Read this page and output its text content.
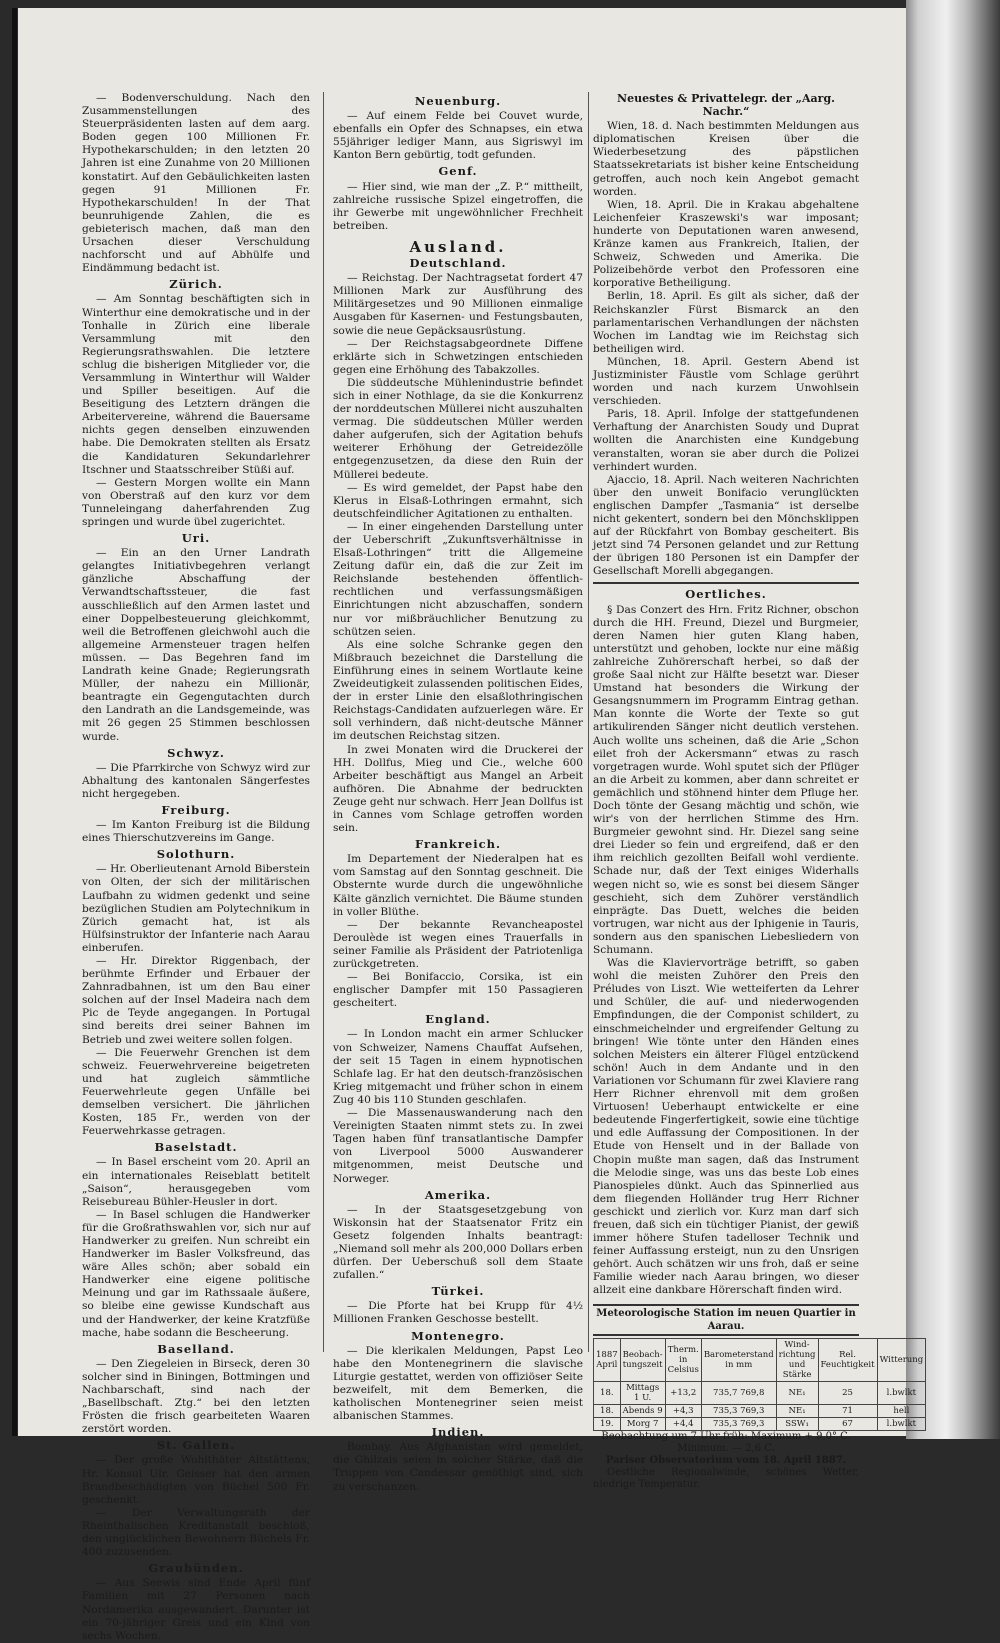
— Bodenverschuldung. Nach den Zusammenstellungen des Steuerpräsidenten lasten auf dem aarg. Boden gegen 100 Millionen Fr. Hypothekarschulden; in den letzten 20 Jahren ist eine Zunahme von 20 Millionen konstatirt. Auf den Gebäulichkeiten lasten gegen 91 Millionen Fr. Hypothekarschulden! In der That beunruhigende Zahlen, die es gebieterisch machen, daß man den Ursachen dieser Verschuldung nachforscht und auf Abhülfe und Eindämmung bedacht ist.
Zürich.
— Am Sonntag beschäftigten sich in Winterthur eine demokratische und in der Tonhalle in Zürich eine liberale Versammlung mit den Regierungsrathswahlen. Die letztere schlug die bisherigen Mitglieder vor, die Versammlung in Winterthur will Walder und Spiller beseitigen. Auf die Beseitigung des Letztern drängen die Arbeitervereine, während die Bauersame nichts gegen denselben einzuwenden habe. Die Demokraten stellten als Ersatz die Kandidaturen Sekundarlehrer Itschner und Staatsschreiber Stüßi auf.
— Gestern Morgen wollte ein Mann von Oberstraß auf den kurz vor dem Tunneleingang daherfahrenden Zug springen und wurde übel zugerichtet.
Uri.
— Ein an den Urner Landrath gelangtes Initiativbegehren verlangt gänzliche Abschaffung der Verwandtschaftssteuer, die fast ausschließlich auf den Armen lastet und einer Doppelbesteuerung gleichkommt, weil die Betroffenen gleichwohl auch die allgemeine Armensteuer tragen helfen müssen. — Das Begehren fand im Landrath keine Gnade; Regierungsrath Müller, der nahezu ein Millionär, beantragte ein Gegengutachten durch den Landrath an die Landsgemeinde, was mit 26 gegen 25 Stimmen beschlossen wurde.
Schwyz.
— Die Pfarrkirche von Schwyz wird zur Abhaltung des kantonalen Sängerfestes nicht hergegeben.
Freiburg.
— Im Kanton Freiburg ist die Bildung eines Thierschutzvereins im Gange.
Solothurn.
— Hr. Oberlieutenant Arnold Biberstein von Olten, der sich der militärischen Laufbahn zu widmen gedenkt und seine bezüglichen Studien am Polytechnikum in Zürich gemacht hat, ist als Hülfsinstruktor der Infanterie nach Aarau einberufen.
— Hr. Direktor Riggenbach, der berühmte Erfinder und Erbauer der Zahnradbahnen, ist um den Bau einer solchen auf der Insel Madeira nach dem Pic de Teyde angegangen. In Portugal sind bereits drei seiner Bahnen im Betrieb und zwei weitere sollen folgen.
— Die Feuerwehr Grenchen ist dem schweiz. Feuerwehrvereine beigetreten und hat zugleich sämmtliche Feuerwehrleute gegen Unfälle bei demselben versichert. Die jährlichen Kosten, 185 Fr., werden von der Feuerwehrkasse getragen.
Baselstadt.
— In Basel erscheint vom 20. April an ein internationales Reiseblatt betitelt „Saison“, herausgegeben vom Reisebureau Bühler-Heusler in dort.
— In Basel schlugen die Handwerker für die Großrathswahlen vor, sich nur auf Handwerker zu greifen. Nun schreibt ein Handwerker im Basler Volksfreund, das wäre Alles schön; aber sobald ein Handwerker eine eigene politische Meinung und gar im Rathssaale äußere, so bleibe eine gewisse Kundschaft aus und der Handwerker, der keine Kratzfüße mache, habe sodann die Bescheerung.
Baselland.
— Den Ziegeleien in Birseck, deren 30 solcher sind in Biningen, Bottmingen und Nachbarschaft, sind nach der „Basellbschaft. Ztg.“ bei den letzten Frösten die frisch gearbeiteten Waaren zerstört worden.
St. Gallen.
— Der große Wohlthäter Altstättens, Hr. Konsul Ulr. Geisser hat den armen Brandbeschädigten von Büchel 500 Fr. geschenkt.
— Der Verwaltungsrath der Rheinthalischen Kreditanstalt beschloß, den unglücklichen Bewohnern Büchels Fr. 400 zuzusenden.
Graubünden.
— Aus Seewis sind Ende April fünf Familien mit 27 Personen nach Nordamerika ausgewandert. Darunter ist ein 70-jähriger Greis und ein Kind von sechs Wochen.
Neuenburg.
— Auf einem Felde bei Couvet wurde, ebenfalls ein Opfer des Schnapses, ein etwa 55jähriger lediger Mann, aus Sigriswyl im Kanton Bern gebürtig, todt gefunden.
Genf.
— Hier sind, wie man der „Z. P.“ mittheilt, zahlreiche russische Spizel eingetroffen, die ihr Gewerbe mit ungewöhnlicher Frechheit betreiben.
Ausland.
Deutschland.
— Reichstag. Der Nachtragsetat fordert 47 Millionen Mark zur Ausführung des Militärgesetzes und 90 Millionen einmalige Ausgaben für Kasernen- und Festungsbauten, sowie die neue Gepäcksausrüstung.
— Der Reichstagsabgeordnete Diffene erklärte sich in Schwetzingen entschieden gegen eine Erhöhung des Tabakzolles.
Die süddeutsche Mühlenindustrie befindet sich in einer Nothlage, da sie die Konkurrenz der norddeutschen Müllerei nicht auszuhalten vermag. Die süddeutschen Müller werden daher aufgerufen, sich der Agitation behufs weiterer Erhöhung der Getreidezölle entgegenzusetzen, da diese den Ruin der Müllerei bedeute.
— Es wird gemeldet, der Papst habe den Klerus in Elsaß-Lothringen ermahnt, sich deutschfeindlicher Agitationen zu enthalten.
— In einer eingehenden Darstellung unter der Ueberschrift „Zukunftsverhältnisse in Elsaß-Lothringen“ tritt die Allgemeine Zeitung dafür ein, daß die zur Zeit im Reichslande bestehenden öffentlich-rechtlichen und verfassungsmäßigen Einrichtungen nicht abzuschaffen, sondern nur vor mißbräuchlicher Benutzung zu schützen seien.
Als eine solche Schranke gegen den Mißbrauch bezeichnet die Darstellung die Einführung eines in seinem Wortlaute keine Zweideutigkeit zulassenden politischen Eides, der in erster Linie den elsaßlothringischen Reichstags-Candidaten aufzuerlegen wäre. Er soll verhindern, daß nicht-deutsche Männer im deutschen Reichstag sitzen.
In zwei Monaten wird die Druckerei der HH. Dollfus, Mieg und Cie., welche 600 Arbeiter beschäftigt aus Mangel an Arbeit aufhören. Die Abnahme der bedruckten Zeuge geht nur schwach. Herr Jean Dollfus ist in Cannes vom Schlage getroffen worden sein.
Frankreich.
Im Departement der Niederalpen hat es vom Samstag auf den Sonntag geschneit. Die Obsternte wurde durch die ungewöhnliche Kälte gänzlich vernichtet. Die Bäume stunden in voller Blüthe.
— Der bekannte Revanchеapostel Deroulède ist wegen eines Trauerfalls in seiner Familie als Präsident der Patriotenliga zurückgetreten.
— Bei Bonifaccio, Corsika, ist ein englischer Dampfer mit 150 Passagieren gescheitert.
England.
— In London macht ein armer Schlucker von Schweizer, Namens Chauffat Aufsehen, der seit 15 Tagen in einem hypnotischen Schlafe lag. Er hat den deutsch-französischen Krieg mitgemacht und früher schon in einem Zug 40 bis 110 Stunden geschlafen.
— Die Massenauswanderung nach den Vereinigten Staaten nimmt stets zu. In zwei Tagen haben fünf transatlantische Dampfer von Liverpool 5000 Auswanderer mitgenommen, meist Deutsche und Norweger.
Amerika.
— In der Staatsgesetzgebung von Wiskonsin hat der Staatsenator Fritz ein Gesetz folgenden Inhalts beantragt: „Niemand soll mehr als 200,000 Dollars erben dürfen. Der Ueberschuß soll dem Staate zufallen.“
Türkei.
— Die Pforte hat bei Krupp für 4½ Millionen Franken Geschosse bestellt.
Montenegro.
— Die klerikalen Meldungen, Papst Leo habe den Montenegrinern die slavische Liturgie gestattet, werden von offiziöser Seite bezweifelt, mit dem Bemerken, die katholischen Montenegriner seien meist albanischen Stammes.
Indien.
Bombay. Aus Afghanistan wird gemeldet, die Ghilzais seien in solcher Stärke, daß die Truppen von Candessar genöthigt sind, sich zu verschanzen.
Neuestes & Privattelegr. der „Aarg. Nachr.“
Wien, 18. d. Nach bestimmten Meldungen aus diplomatischen Kreisen über die Wiederbesetzung des päpstlichen Staatssekretariats ist bisher keine Entscheidung getroffen, auch noch kein Angebot gemacht worden.
Wien, 18. April. Die in Krakau abgehaltene Leichenfeier Kraszewski's war imposant; hunderte von Deputationen waren anwesend, Kränze kamen aus Frankreich, Italien, der Schweiz, Schweden und Amerika. Die Polizeibehörde verbot den Professoren eine korporative Betheiligung.
Berlin, 18. April. Es gilt als sicher, daß der Reichskanzler Fürst Bismarck an den parlamentarischen Verhandlungen der nächsten Wochen im Landtag wie im Reichstag sich betheiligen wird.
München, 18. April. Gestern Abend ist Justizminister Fäustle vom Schlage gerührt worden und nach kurzem Unwohlsein verschieden.
Paris, 18. April. Infolge der stattgefundenen Verhaftung der Anarchisten Soudy und Duprat wollten die Anarchisten eine Kundgebung veranstalten, woran sie aber durch die Polizei verhindert wurden.
Ajaccio, 18. April. Nach weiteren Nachrichten über den unweit Bonifacio verunglückten englischen Dampfer „Tasmania“ ist derselbe nicht gekentert, sondern bei den Mönchsklippen auf der Rückfahrt von Bombay gescheitert. Bis jetzt sind 74 Personen gelandet und zur Rettung der übrigen 180 Personen ist ein Dampfer der Gesellschaft Morelli abgegangen.
Oertliches.
§ Das Conzert des Hrn. Fritz Richner, obschon durch die HH. Freund, Diezel und Burgmeier, deren Namen hier guten Klang haben, unterstützt und gehoben, lockte nur eine mäßig zahlreiche Zuhörerschaft herbei, so daß der große Saal nicht zur Hälfte besetzt war. Dieser Umstand hat besonders die Wirkung der Gesangsnummern im Programm Eintrag gethan. Man konnte die Worte der Texte so gut artikulirenden Sänger nicht deutlich verstehen. Auch wollte uns scheinen, daß die Arie „Schon eilet froh der Ackersmann“ etwas zu rasch vorgetragen wurde. Wohl sputet sich der Pflüger an die Arbeit zu kommen, aber dann schreitet er gemächlich und stöhnend hinter dem Pfluge her. Doch tönte der Gesang mächtig und schön, wie wir's von der herrlichen Stimme des Hrn. Burgmeier gewohnt sind. Hr. Diezel sang seine drei Lieder so fein und ergreifend, daß er den ihm reichlich gezollten Beifall wohl verdiente. Schade nur, daß der Text einiges Widerhalls wegen nicht so, wie es sonst bei diesem Sänger geschieht, sich dem Zuhörer verständlich einprägte. Das Duett, welches die beiden vortrugen, war nicht aus der Iphigenie in Tauris, sondern aus den spanischen Liebesliedern von Schumann.
Was die Klaviervorträge betrifft, so gaben wohl die meisten Zuhörer den Preis den Préludes von Liszt. Wie wetteiferten da Lehrer und Schüler, die auf- und niederwogenden Empfindungen, die der Componist schildert, zu einschmeichelnder und ergreifender Geltung zu bringen! Wie tönte unter den Händen eines solchen Meisters ein älterer Flügel entzückend schön! Auch in dem Andante und in den Variationen vor Schumann für zwei Klaviere rang Herr Richner ehrenvoll mit dem großen Virtuosen! Ueberhaupt entwickelte er eine bedeutende Fingerfertigkeit, sowie eine tüchtige und edle Auffassung der Compositionen. In der Etude von Henselt und in der Ballade von Chopin mußte man sagen, daß das Instrument die Melodie singe, was uns das beste Lob eines Pianospieles dünkt. Auch das Spinnerlied aus dem fliegenden Holländer trug Herr Richner geschickt und zierlich vor. Kurz man darf sich freuen, daß sich ein tüchtiger Pianist, der gewiß immer höhere Stufen tadelloser Technik und feiner Auffassung ersteigt, nun zu den Unsrigen gehört. Auch schätzen wir uns froh, daß er seine Familie wieder nach Aarau bringen, wo dieser allzeit eine dankbare Hörerschaft finden wird.
Meteorologische Station im neuen Quartier in Aarau.
1887 April	Beobach-tungszeit	Therm. in Celsius	Barometerstand in mm	Wind-richtung und Stärke	Rel. Feuchtigkeit	Witterung
18.	Mittags 1 U.	+13,2	735,7 769,8	NE₁	25	l.bwlkt
18.	Abends 9	+4,3	735,3 769,3	NE₁	71	hell
19.	Morg 7	+4,4	735,3 769,3	SSW₁	67	l.bwlkt
Beobachtung um 7 Uhr früh: Maximum + 9,0° C.
Minimum. — 2,6 C.
Pariser Observatorium vom 18. April 1887.
Oestliche Regionalwinde, schönes Wetter, niedrige Temperatur.
